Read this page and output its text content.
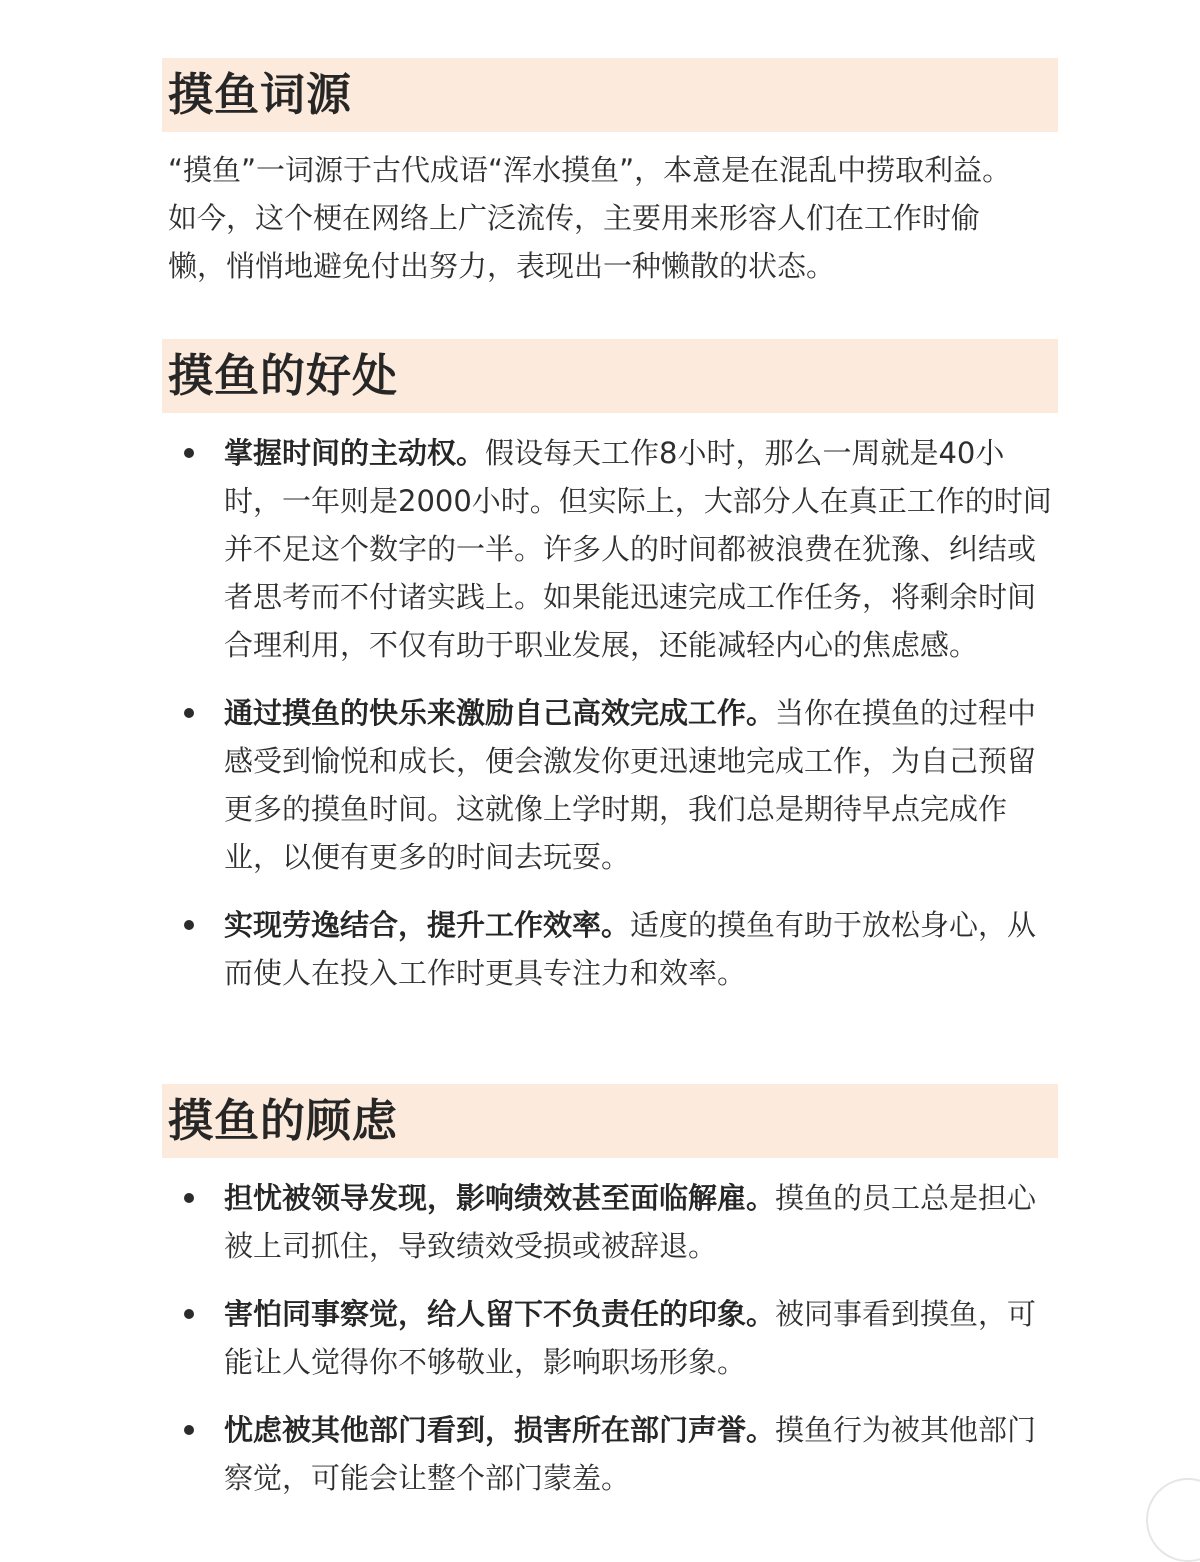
摸鱼词源

“摸鱼”一词源于古代成语“浑水摸鱼”，本意是在混乱中捞取利益。如今，这个梗在网络上广泛流传，主要用来形容人们在工作时偷懒，悄悄地避免付出努力，表现出一种懒散的状态。

摸鱼的好处
掌握时间的主动权。假设每天工作8小时，那么一周就是40小时，一年则是2000小时。但实际上，大部分人在真正工作的时间并不足这个数字的一半。许多人的时间都被浪费在犹豫、纠结或者思考而不付诸实践上。如果能迅速完成工作任务，将剩余时间合理利用，不仅有助于职业发展，还能减轻内心的焦虑感。
通过摸鱼的快乐来激励自己高效完成工作。当你在摸鱼的过程中感受到愉悦和成长，便会激发你更迅速地完成工作，为自己预留更多的摸鱼时间。这就像上学时期，我们总是期待早点完成作业，以便有更多的时间去玩耍。
实现劳逸结合，提升工作效率。适度的摸鱼有助于放松身心，从而使人在投入工作时更具专注力和效率。
摸鱼的顾虑
担忧被领导发现，影响绩效甚至面临解雇。摸鱼的员工总是担心被上司抓住，导致绩效受损或被辞退。
害怕同事察觉，给人留下不负责任的印象。被同事看到摸鱼，可能让人觉得你不够敬业，影响职场形象。
忧虑被其他部门看到，损害所在部门声誉。摸鱼行为被其他部门察觉，可能会让整个部门蒙羞。
